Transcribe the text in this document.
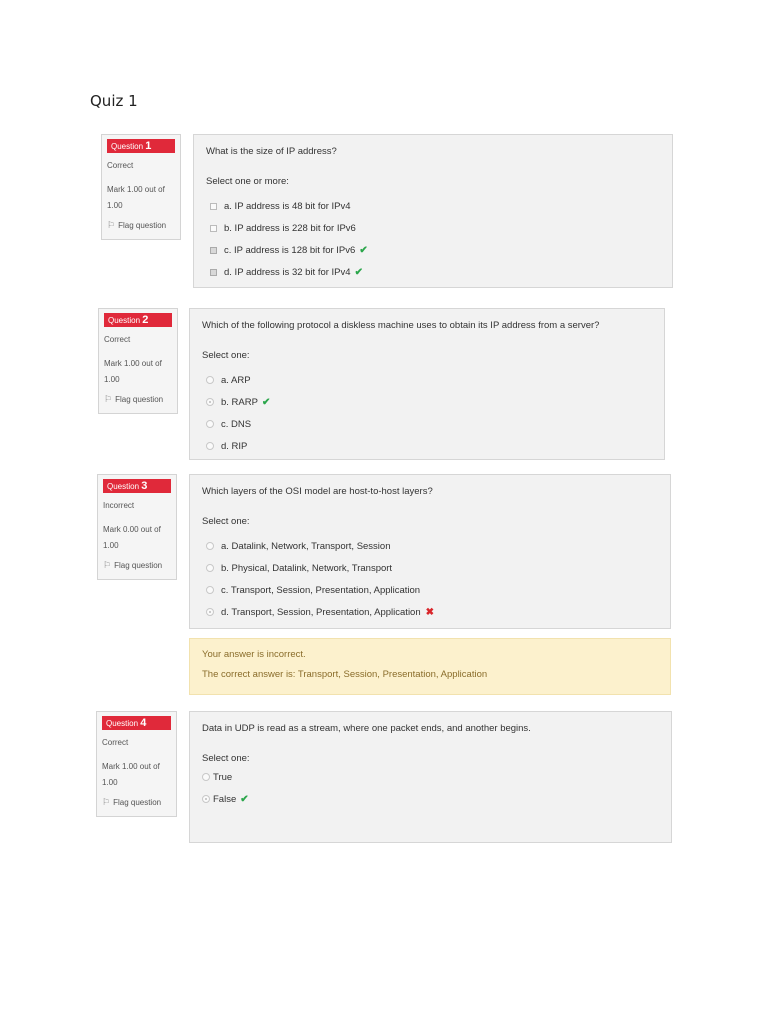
Quiz 1
Question 1
Correct
Mark 1.00 out of 1.00
⚐ Flag question
What is the size of IP address?
Select one or more:
a. IP address is 48 bit for IPv4
b. IP address is 228 bit for IPv6
c. IP address is 128 bit for IPv6 ✔
d. IP address is 32 bit for IPv4 ✔
Question 2
Correct
Mark 1.00 out of 1.00
⚐ Flag question
Which of the following protocol a diskless machine uses to obtain its IP address from a server?
Select one:
a. ARP
b. RARP ✔
c. DNS
d. RIP
Question 3
Incorrect
Mark 0.00 out of 1.00
⚐ Flag question
Which layers of the OSI model are host-to-host layers?
Select one:
a. Datalink, Network, Transport, Session
b. Physical, Datalink, Network, Transport
c. Transport, Session, Presentation, Application
d. Transport, Session, Presentation, Application ✖
Your answer is incorrect.
The correct answer is: Transport, Session, Presentation, Application
Question 4
Correct
Mark 1.00 out of 1.00
⚐ Flag question
Data in UDP is read as a stream, where one packet ends, and another begins.
Select one:
True
False ✔
